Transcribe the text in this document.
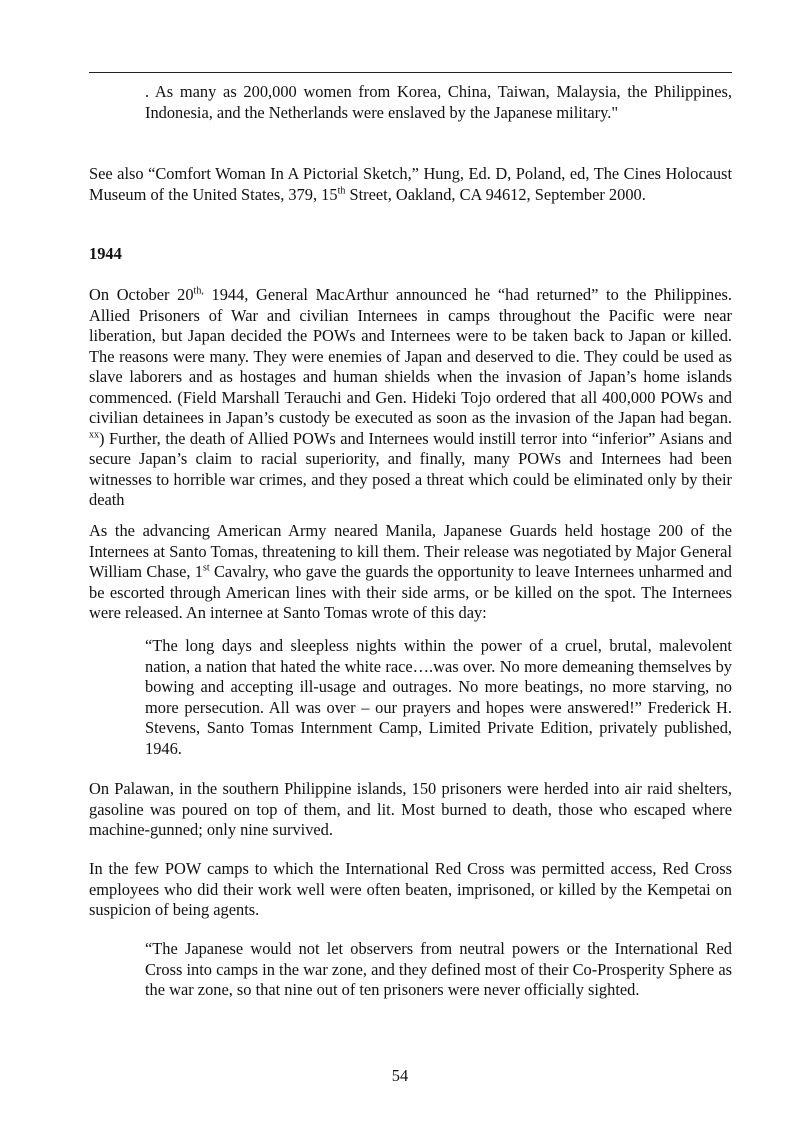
. As many as 200,000 women from Korea, China, Taiwan, Malaysia, the Philippines, Indonesia, and the Netherlands were enslaved by the Japanese military."

See also “Comfort Woman In A Pictorial Sketch,” Hung, Ed. D, Poland, ed, The Cines Holocaust Museum of the United States, 379, 15th Street, Oakland, CA 94612, September 2000.

1944

On October $20^{th,}$ 1944, General MacArthur announced he “had returned” to the Philippines. Allied Prisoners of War and civilian Internees in camps throughout the Pacific were near liberation, but Japan decided the POWs and Internees were to be taken back to Japan or killed. The reasons were many. They were enemies of Japan and deserved to die. They could be used as slave laborers and as hostages and human shields when the invasion of Japan’s home islands commenced. (Field Marshall Terauchi and Gen. Hideki Tojo ordered that all 400,000 POWs and civilian detainees in Japan’s custody be executed as soon as the invasion of the Japan had began. $^{xx}$) Further, the death of Allied POWs and Internees would instill terror into “inferior” Asians and secure Japan’s claim to racial superiority, and finally, many POWs and Internees had been witnesses to horrible war crimes, and they posed a threat which could be eliminated only by their death

As the advancing American Army neared Manila, Japanese Guards held hostage 200 of the Internees at Santo Tomas, threatening to kill them. Their release was negotiated by Major General William Chase, 1st Cavalry, who gave the guards the opportunity to leave Internees unharmed and be escorted through American lines with their side arms, or be killed on the spot. The Internees were released. An internee at Santo Tomas wrote of this day:

“The long days and sleepless nights within the power of a cruel, brutal, malevolent nation, a nation that hated the white race….was over. No more demeaning themselves by bowing and accepting ill-usage and outrages. No more beatings, no more starving, no more persecution. All was over – our prayers and hopes were answered!” Frederick H. Stevens, Santo Tomas Internment Camp, Limited Private Edition, privately published, 1946.

On Palawan, in the southern Philippine islands, 150 prisoners were herded into air raid shelters, gasoline was poured on top of them, and lit. Most burned to death, those who escaped where machine-gunned; only nine survived.

In the few POW camps to which the International Red Cross was permitted access, Red Cross employees who did their work well were often beaten, imprisoned, or killed by the Kempetai on suspicion of being agents.

“The Japanese would not let observers from neutral powers or the International Red Cross into camps in the war zone, and they defined most of their Co-Prosperity Sphere as the war zone, so that nine out of ten prisoners were never officially sighted.

54
